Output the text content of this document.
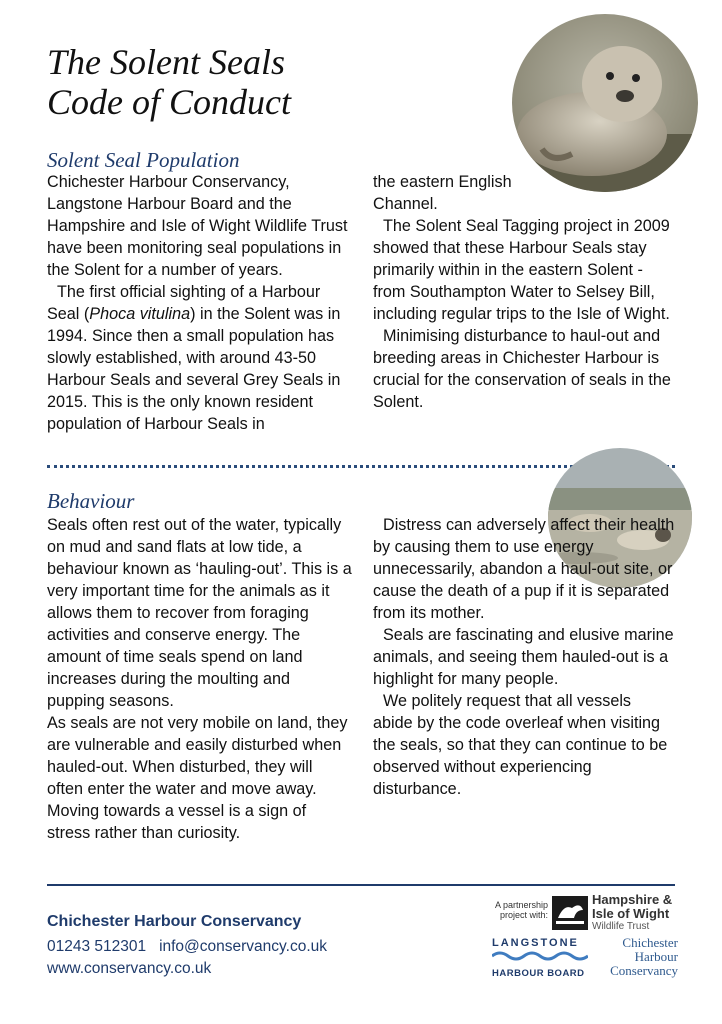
The Solent Seals
Code of Conduct
Solent Seal Population

Chichester Harbour Conservancy, Langstone Harbour Board and the Hampshire and Isle of Wight Wildlife Trust have been monitoring seal populations in the Solent for a number of years.

The first official sighting of a Harbour Seal (Phoca vitulina) in the Solent was in 1994. Since then a small population has slowly established, with around 43-50 Harbour Seals and several Grey Seals in 2015. This is the only known resident population of Harbour Seals in

the eastern English Channel.

The Solent Seal Tagging project in 2009 showed that these Harbour Seals stay primarily within in the eastern Solent - from Southampton Water to Selsey Bill, including regular trips to the Isle of Wight.

Minimising disturbance to haul-out and breeding areas in Chichester Harbour is crucial for the conservation of seals in the Solent.

Behaviour

Seals often rest out of the water, typically on mud and sand flats at low tide, a behaviour known as ‘hauling-out’. This is a very important time for the animals as it allows them to recover from foraging activities and conserve energy. The amount of time seals spend on land increases during the moulting and pupping seasons.

As seals are not very mobile on land, they are vulnerable and easily disturbed when hauled-out. When disturbed, they will often enter the water and move away. Moving towards a vessel is a sign of stress rather than curiosity.

Distress can adversely affect their health by causing them to use energy unnecessarily, abandon a haul-out site, or cause the death of a pup if it is separated from its mother.

Seals are fascinating and elusive marine animals, and seeing them hauled-out is a highlight for many people.

We politely request that all vessels abide by the code overleaf when visiting the seals, so that they can continue to be observed without experiencing disturbance.

Chichester Harbour Conservancy
01243 512301 info@conservancy.co.uk
www.conservancy.co.uk
A partnership
project with:
Hampshire &
Isle of Wight
Wildlife Trust
LANGSTONE
HARBOUR BOARD
Chichester
Harbour
Conservancy
